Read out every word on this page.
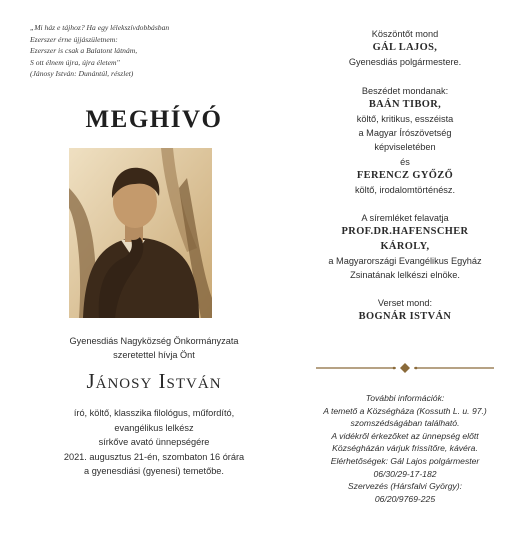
„Mi ház e tájhoz? Ha egy lélekszívdobbásban
Ezerszer érne újjászületnem:
Ezerszer is csak a Balatont látnám,
S ott élnem újra, újra életem"
(Jánosy István: Dunántúl, részlet)
MEGHÍVÓ
Gyenesdiás Nagyközség Önkormányzata
szeretettel hívja Önt
Jánosy István
író, költő, klasszika filológus, műfordító,
evangélikus lelkész
sírkőve avató ünnepségére
2021. augusztus 21-én, szombaton 16 órára
a gyenesdiási (gyenesi) temetőbe.
Köszöntőt mond
GÁL LAJOS,
Gyenesdiás polgármestere.
Beszédet mondanak:
BAÁN TIBOR,
költő, kritikus, esszéista
a Magyar Írószövetség
képviseletében
és
FERENCZ GYŐZŐ
költő, irodalomtörténész.
A síremléket felavatja
PROF.DR.HAFENSCHER
KÁROLY,
a Magyarországi Evangélikus Egyház
Zsinatának lelkészi elnöke.
Verset mond:
BOGNÁR ISTVÁN
További információk:
A temető a Községháza (Kossuth L. u. 97.)
szomszédságában található.
A vidékről érkezőket az ünnepség előtt
Községházán várjuk frissítőre, kávéra.
Elérhetőségek: Gál Lajos polgármester
06/30/29-17-182
Szervezés (Hársfalvi György):
06/20/9769-225
